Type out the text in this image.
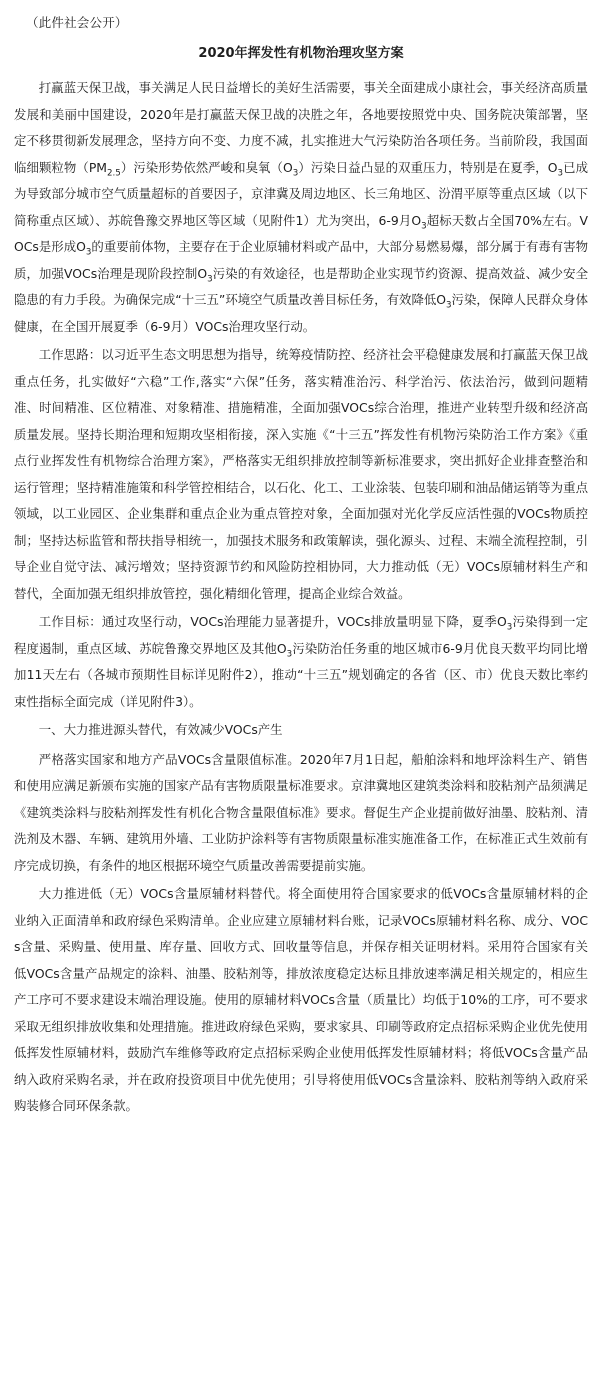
（此件社会公开）
2020年挥发性有机物治理攻坚方案

打赢蓝天保卫战，事关满足人民日益增长的美好生活需要，事关全面建成小康社会，事关经济高质量发展和美丽中国建设，2020年是打赢蓝天保卫战的决胜之年，各地要按照党中央、国务院决策部署，坚定不移贯彻新发展理念，坚持方向不变、力度不减，扎实推进大气污染防治各项任务。当前阶段，我国面临细颗粒物$(PM_{2.5})$污染形势依然严峻和臭氧$(O_3)$污染日益凸显的双重压力，特别是在夏季，$O_3$已成为导致部分城市空气质量超标的首要因子，京津冀及周边地区、长三角地区、汾渭平原等重点区域（以下简称重点区域）、苏皖鲁豫交界地区等区域（见附件1）尤为突出，6-9月$O_3$超标天数占全国70%左右。VOCs是形成$O_3$的重要前体物，主要存在于企业原辅材料或产品中，大部分易燃易爆，部分属于有毒有害物质，加强VOCs治理是现阶段控制$O_3$污染的有效途径，也是帮助企业实现节约资源、提高效益、减少安全隐患的有力手段。为确保完成“十三五”环境空气质量改善目标任务，有效降低$O_3$污染，保障人民群众身体健康，在全国开展夏季（6-9月）VOCs治理攻坚行动。

工作思路：以习近平生态文明思想为指导，统筹疫情防控、经济社会平稳健康发展和打赢蓝天保卫战重点任务，扎实做好“六稳”工作,落实“六保”任务，落实精准治污、科学治污、依法治污，做到问题精准、时间精准、区位精准、对象精准、措施精准，全面加强VOCs综合治理，推进产业转型升级和经济高质量发展。坚持长期治理和短期攻坚相衔接，深入实施《“十三五”挥发性有机物污染防治工作方案》《重点行业挥发性有机物综合治理方案》，严格落实无组织排放控制等新标准要求，突出抓好企业排查整治和运行管理；坚持精准施策和科学管控相结合，以石化、化工、工业涂装、包装印刷和油品储运销等为重点领域，以工业园区、企业集群和重点企业为重点管控对象，全面加强对光化学反应活性强的VOCs物质控制；坚持达标监管和帮扶指导相统一，加强技术服务和政策解读，强化源头、过程、末端全流程控制，引导企业自觉守法、减污增效；坚持资源节约和风险防控相协同，大力推动低（无）VOCs原辅材料生产和替代，全面加强无组织排放管控，强化精细化管理，提高企业综合效益。

工作目标：通过攻坚行动，VOCs治理能力显著提升，VOCs排放量明显下降，夏季$O_3$污染得到一定程度遏制，重点区域、苏皖鲁豫交界地区及其他$O_3$污染防治任务重的地区城市6-9月优良天数平均同比增加11天左右（各城市预期性目标详见附件2），推动“十三五”规划确定的各省（区、市）优良天数比率约束性指标全面完成（详见附件3）。

一、大力推进源头替代，有效减少VOCs产生

严格落实国家和地方产品VOCs含量限值标准。2020年7月1日起，船舶涂料和地坪涂料生产、销售和使用应满足新颁布实施的国家产品有害物质限量标准要求。京津冀地区建筑类涂料和胶粘剂产品须满足《建筑类涂料与胶粘剂挥发性有机化合物含量限值标准》要求。督促生产企业提前做好油墨、胶粘剂、清洗剂及木器、车辆、建筑用外墙、工业防护涂料等有害物质限量标准实施准备工作，在标准正式生效前有序完成切换，有条件的地区根据环境空气质量改善需要提前实施。

大力推进低（无）VOCs含量原辅材料替代。将全面使用符合国家要求的低VOCs含量原辅材料的企业纳入正面清单和政府绿色采购清单。企业应建立原辅材料台账，记录VOCs原辅材料名称、成分、VOCs含量、采购量、使用量、库存量、回收方式、回收量等信息，并保存相关证明材料。采用符合国家有关低VOCs含量产品规定的涂料、油墨、胶粘剂等，排放浓度稳定达标且排放速率满足相关规定的，相应生产工序可不要求建设末端治理设施。使用的原辅材料VOCs含量（质量比）均低于10%的工序，可不要求采取无组织排放收集和处理措施。推进政府绿色采购，要求家具、印刷等政府定点招标采购企业优先使用低挥发性原辅材料，鼓励汽车维修等政府定点招标采购企业使用低挥发性原辅材料；将低VOCs含量产品纳入政府采购名录，并在政府投资项目中优先使用；引导将使用低VOCs含量涂料、胶粘剂等纳入政府采购装修合同环保条款。
